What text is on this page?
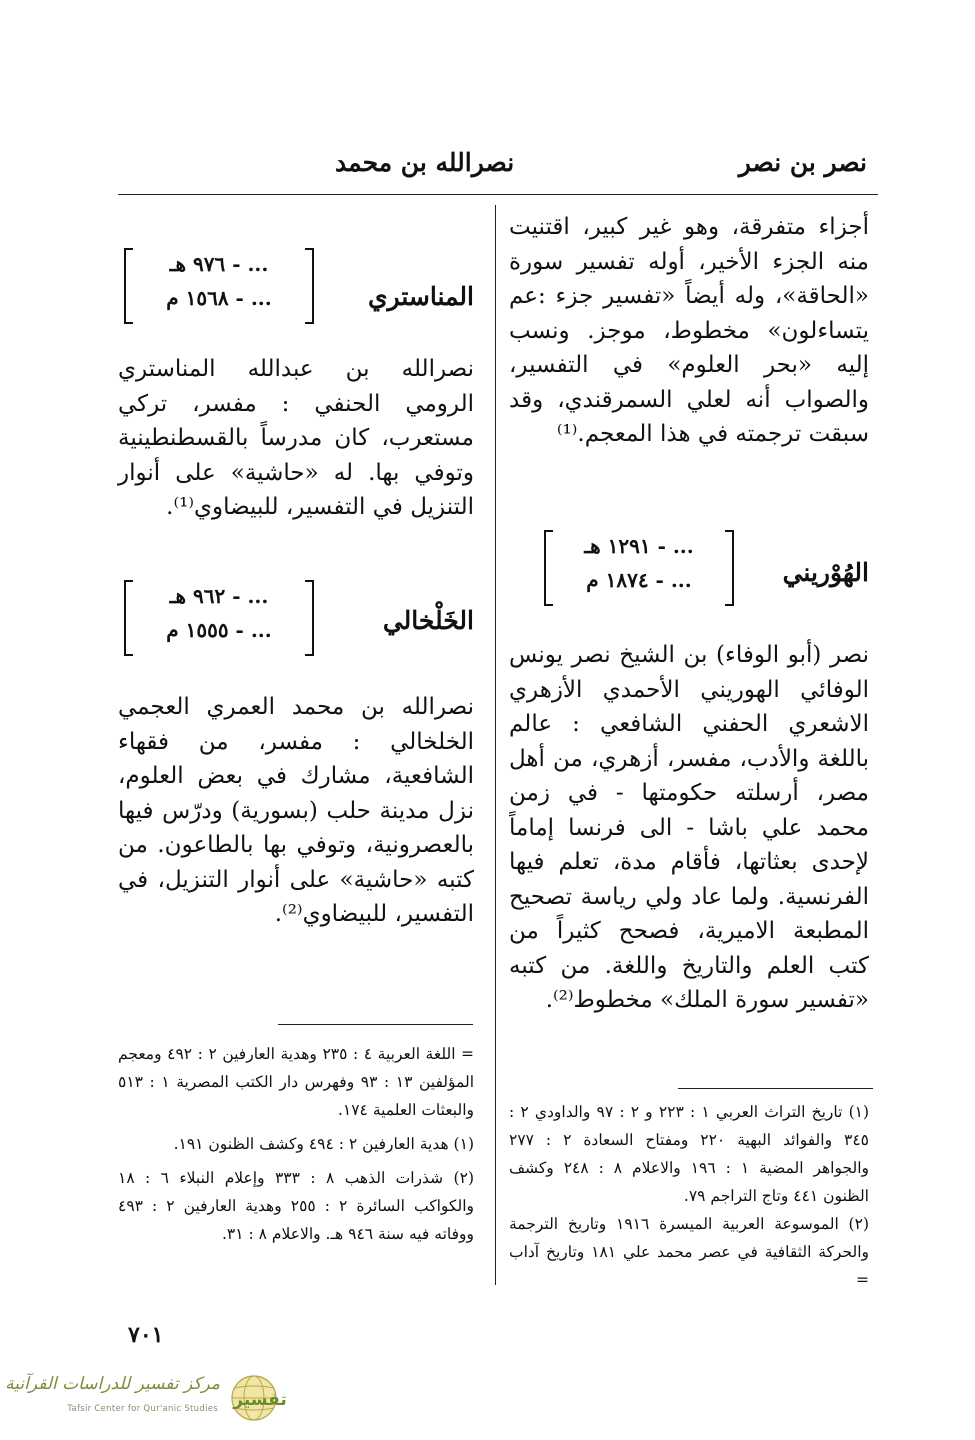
نصر بن نصر
نصرالله بن محمد

أجزاء متفرقة، وهو غير كبير، اقتنيت منه الجزء الأخير، أوله تفسير سورة «الحاقة»، وله أيضاً «تفسير جزء :عم يتساءلون» مخطوط، موجز. ونسب إليه «بحر العلوم» في التفسير، والصواب أنه لعلي السمرقندي، وقد سبقت ترجمته في هذا المعجم.⁽¹⁾

الهُوْريني
... - ١٢٩١ هـ
... - ١٨٧٤ م

نصر (أبو الوفاء) بن الشيخ نصر يونس الوفائي الهوريني الأحمدي الأزهري الاشعري الحفني الشافعي : عالم باللغة والأدب، مفسر، أزهري، من أهل مصر، أرسلته حكومتها - في زمن محمد علي باشا - الى فرنسا إماماً لإحدى بعثاتها، فأقام مدة، تعلم فيها الفرنسية. ولما عاد ولي رياسة تصحيح المطبعة الاميرية، فصحح كثيراً من كتب العلم والتاريخ واللغة. من كتبه «تفسير سورة الملك» مخطوط⁽²⁾.

(١) تاريخ التراث العربي ١ : ٢٢٣ و ٢ : ٩٧ والداودي ٢ : ٣٤٥ والفوائد البهية ٢٢٠ ومفتاح السعادة ٢ : ٢٧٧ والجواهر المضية ١ : ١٩٦ والاعلام ٨ : ٢٤٨ وكشف الظنون ٤٤١ وتاج التراجم ٧٩.

(٢) الموسوعة العربية الميسرة ١٩١٦ وتاريخ الترجمة والحركة الثقافية في عصر محمد علي ١٨١ وتاريخ آداب =

المناستري
... - ٩٧٦ هـ
... - ١٥٦٨ م

نصرالله بن عبدالله المناستري الرومي الحنفي : مفسر، تركي مستعرب، كان مدرساً بالقسطنطينية وتوفي بها. له «حاشية» على أنوار التنزيل في التفسير، للبيضاوي⁽¹⁾.

الخَلْخالي
... - ٩٦٢ هـ
... - ١٥٥٥ م

نصرالله بن محمد العمري العجمي الخلخالي : مفسر، من فقهاء الشافعية، مشارك في بعض العلوم، نزل مدينة حلب (بسورية) ودرّس فيها بالعصرونية، وتوفي بها بالطاعون. من كتبه «حاشية» على أنوار التنزيل، في التفسير، للبيضاوي⁽²⁾.

= اللغة العربية ٤ : ٢٣٥ وهدية العارفين ٢ : ٤٩٢ ومعجم المؤلفين ١٣ : ٩٣ وفهرس دار الكتب المصرية ١ : ٥١٣ والبعثات العلمية ١٧٤.

(١) هدية العارفين ٢ : ٤٩٤ وكشف الظنون ١٩١.

(٢) شذرات الذهب ٨ : ٣٣٣ وإعلام النبلاء ٦ : ١٨ والكواكب السائرة ٢ : ٢٥٥ وهدية العارفين ٢ : ٤٩٣ ووفاته فيه سنة ٩٤٦ هـ. والاعلام ٨ : ٣١.

٧٠١
تفسير
مركز تفسير للدراسات القرآنية
Tafsir Center for Qur'anic Studies
